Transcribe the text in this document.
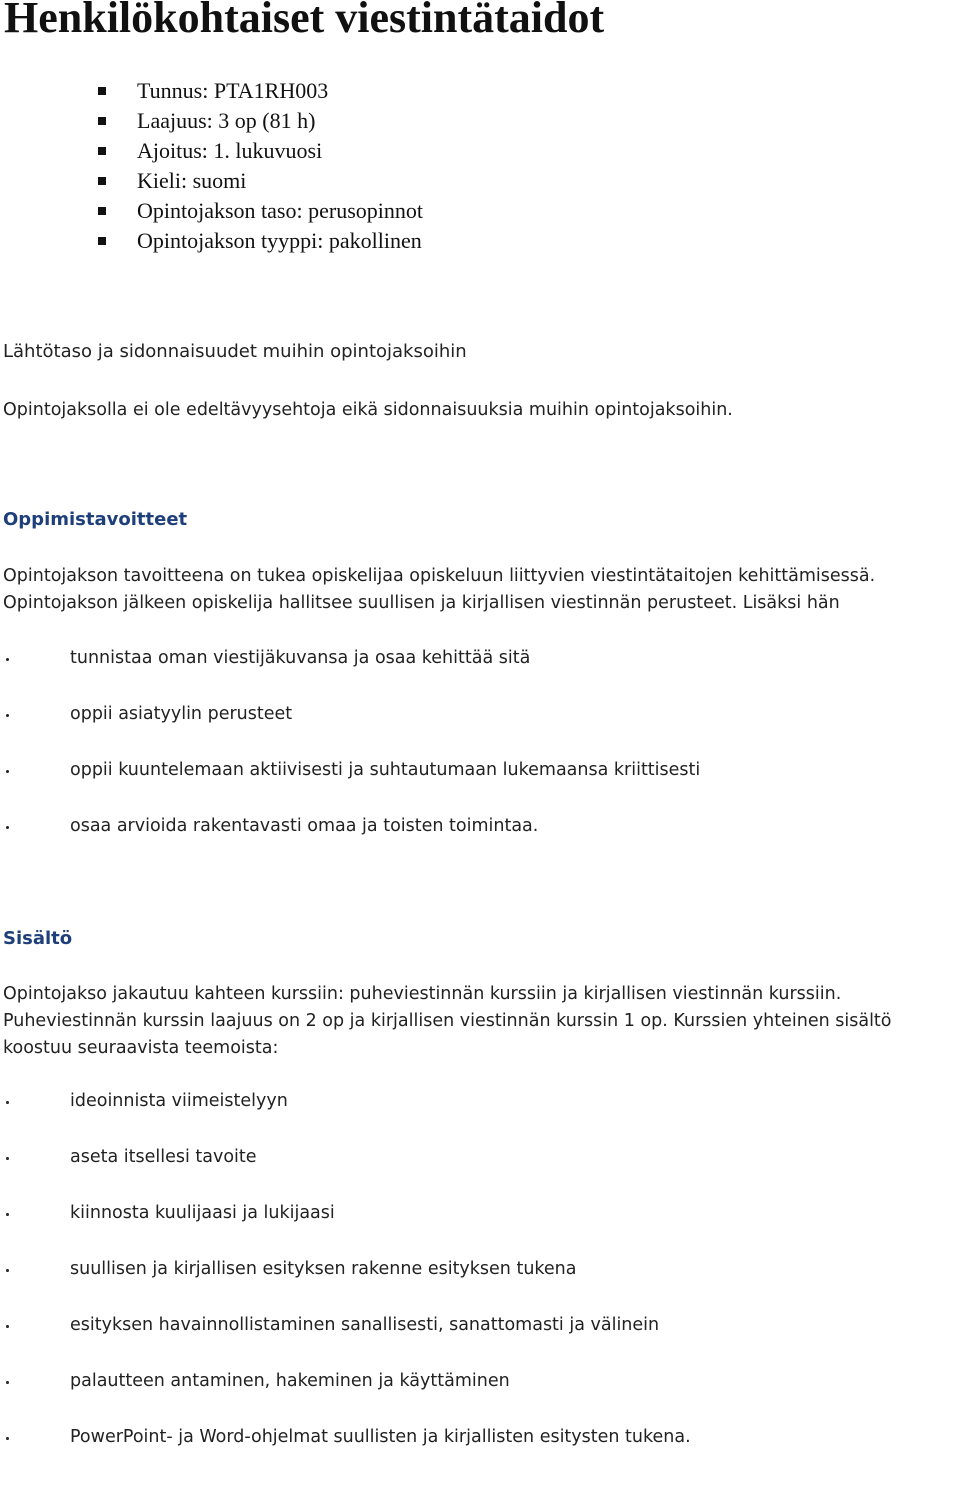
Henkilökohtaiset viestintätaidot
Tunnus: PTA1RH003
Laajuus: 3 op (81 h)
Ajoitus: 1. lukuvuosi
Kieli: suomi
Opintojakson taso: perusopinnot
Opintojakson tyyppi: pakollinen
Lähtötaso ja sidonnaisuudet muihin opintojaksoihin

Opintojaksolla ei ole edeltävyysehtoja eikä sidonnaisuuksia muihin opintojaksoihin.

Oppimistavoitteet

Opintojakson tavoitteena on tukea opiskelijaa opiskeluun liittyvien viestintätaitojen kehittämisessä.
Opintojakson jälkeen opiskelija hallitsee suullisen ja kirjallisen viestinnän perusteet. Lisäksi hän

tunnistaa oman viestijäkuvansa ja osaa kehittää sitä
oppii asiatyylin perusteet
oppii kuuntelemaan aktiivisesti ja suhtautumaan lukemaansa kriittisesti
osaa arvioida rakentavasti omaa ja toisten toimintaa.
Sisältö

Opintojakso jakautuu kahteen kurssiin: puheviestinnän kurssiin ja kirjallisen viestinnän kurssiin.
Puheviestinnän kurssin laajuus on 2 op ja kirjallisen viestinnän kurssin 1 op. Kurssien yhteinen sisältö
koostuu seuraavista teemoista:

ideoinnista viimeistelyyn
aseta itsellesi tavoite
kiinnosta kuulijaasi ja lukijaasi
suullisen ja kirjallisen esityksen rakenne esityksen tukena
esityksen havainnollistaminen sanallisesti, sanattomasti ja välinein
palautteen antaminen, hakeminen ja käyttäminen
PowerPoint- ja Word-ohjelmat suullisten ja kirjallisten esitysten tukena.
